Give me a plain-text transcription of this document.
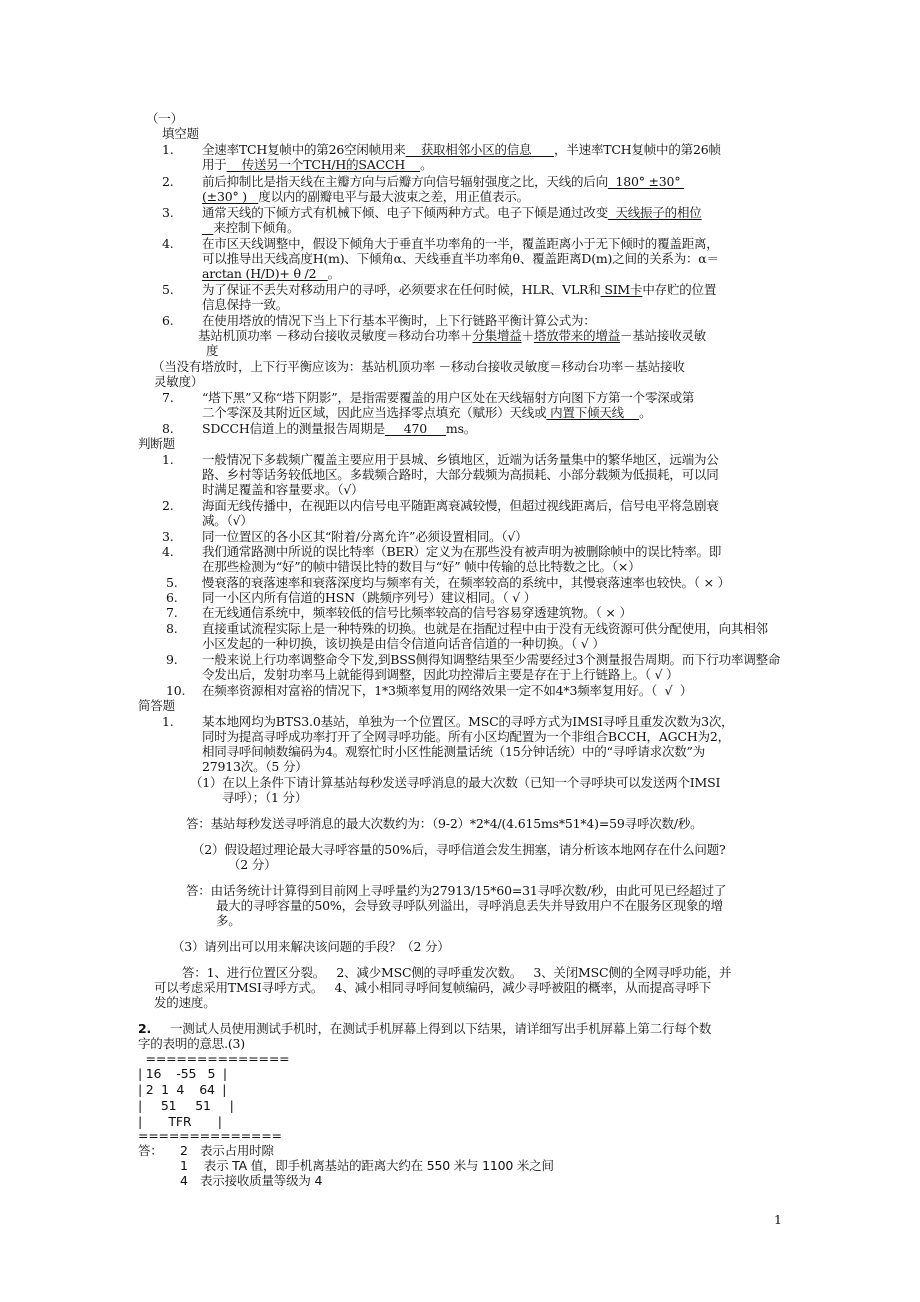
（一）
填空题
1. 全速率TCH复帧中的第26空闲帧用来    获取相邻小区的信息      ，半速率TCH复帧中的第26帧
用于    传送另一个TCH/H的SACCH    。
2. 前后抑制比是指天线在主瓣方向与后瓣方向信号辐射强度之比，天线的后向  180° ±30°
(±30° )   度以内的副瓣电平与最大波束之差，用正值表示。
3. 通常天线的下倾方式有机械下倾、电子下倾两种方式。电子下倾是通过改变  天线振子的相位
来控制下倾角。
4. 在市区天线调整中，假设下倾角大于垂直半功率角的一半，覆盖距离小于无下倾时的覆盖距离，
可以推导出天线高度H(m)、下倾角α、天线垂直半功率角θ、覆盖距离D(m)之间的关系为：α＝
arctan (H/D)+ θ /2   。
5. 为了保证不丢失对移动用户的寻呼，必须要求在任何时候，HLR、VLR和 SIM卡中存贮的位置
信息保持一致。
6. 在使用塔放的情况下当上下行基本平衡时，上下行链路平衡计算公式为：
基站机顶功率 －移动台接收灵敏度＝移动台功率＋分集增益＋塔放带来的增益－基站接收灵敏
度
（当没有塔放时，上下行平衡应该为：基站机顶功率 －移动台接收灵敏度＝移动台功率－基站接收
灵敏度）
7. “塔下黑”又称“塔下阴影”，是指需要覆盖的用户区处在天线辐射方向图下方第一个零深或第
二个零深及其附近区域，因此应当选择零点填充（赋形）天线或 内置下倾天线    。
8. SDCCH信道上的测量报告周期是     470     ms。
判断题
1. 一般情况下多载频广覆盖主要应用于县城、乡镇地区，近端为话务量集中的繁华地区，远端为公
路、乡村等话务较低地区。多载频合路时，大部分载频为高损耗、小部分载频为低损耗，可以同
时满足覆盖和容量要求。（√）
2. 海面无线传播中，在视距以内信号电平随距离衰减较慢，但超过视线距离后，信号电平将急剧衰
减。（√）
3. 同一位置区的各小区其“附着/分离允许”必须设置相同。（√）
4. 我们通常路测中所说的误比特率（BER）定义为在那些没有被声明为被删除帧中的误比特率。即
在那些检测为“好”的帧中错误比特的数目与“好” 帧中传输的总比特数之比。（×）
5. 慢衰落的衰落速率和衰落深度均与频率有关，在频率较高的系统中，其慢衰落速率也较快。（ × ）
6. 同一小区内所有信道的HSN（跳频序列号）建议相同。（ √ ）
7. 在无线通信系统中，频率较低的信号比频率较高的信号容易穿透建筑物。（ × ）
8. 直接重试流程实际上是一种特殊的切换。也就是在指配过程中由于没有无线资源可供分配使用，向其相邻
小区发起的一种切换，该切换是由信令信道向话音信道的一种切换。（ √ ）
9. 一般来说上行功率调整命令下发,到BSS侧得知调整结果至少需要经过3个测量报告周期。而下行功率调整命
令发出后，发射功率马上就能得到调整，因此功控滞后主要是存在于上行链路上。（ √ ）
10. 在频率资源相对富裕的情况下，1*3频率复用的网络效果一定不如4*3频率复用好。（  √  ）
简答题
1. 某本地网均为BTS3.0基站，单独为一个位置区。MSC的寻呼方式为IMSI寻呼且重发次数为3次，
同时为提高寻呼成功率打开了全网寻呼功能。所有小区均配置为一个非组合BCCH，AGCH为2，
相同寻呼间帧数编码为4。观察忙时小区性能测量话统（15分钟话统）中的“寻呼请求次数”为
27913次。（5 分）
（1）在以上条件下请计算基站每秒发送寻呼消息的最大次数（已知一个寻呼块可以发送两个IMSI
寻呼）；（1 分）
答：基站每秒发送寻呼消息的最大次数约为：（9-2）*2*4/(4.615ms*51*4)=59寻呼次数/秒。
（2）假设超过理论最大寻呼容量的50%后，寻呼信道会发生拥塞，请分析该本地网存在什么问题?
（2 分）
答：由话务统计计算得到目前网上寻呼量约为27913/15*60=31寻呼次数/秒，由此可见已经超过了
最大的寻呼容量的50%，会导致寻呼队列溢出，寻呼消息丢失并导致用户不在服务区现象的增
多。
（3）请列出可以用来解决该问题的手段？（2 分）
答：1、进行位置区分裂。   2、减少MSC侧的寻呼重发次数。   3、关闭MSC侧的全网寻呼功能，并
可以考虑采用TMSI寻呼方式。   4、减小相同寻呼间复帧编码，减少寻呼被阻的概率，从而提高寻呼下
发的速度。
2. 一测试人员使用测试手机时，在测试手机屏幕上得到以下结果，请详细写出手机屏幕上第二行每个数
字的表明的意思.(3)
==============
| 16    -55   5  |
| 2  1  4    64  |
|     51     51     |
|       TFR       |
==============
答： 2 表示占用时隙
1 表示 TA 值，即手机离基站的距离大约在 550 米与 1100 米之间
4 表示接收质量等级为 4
1
